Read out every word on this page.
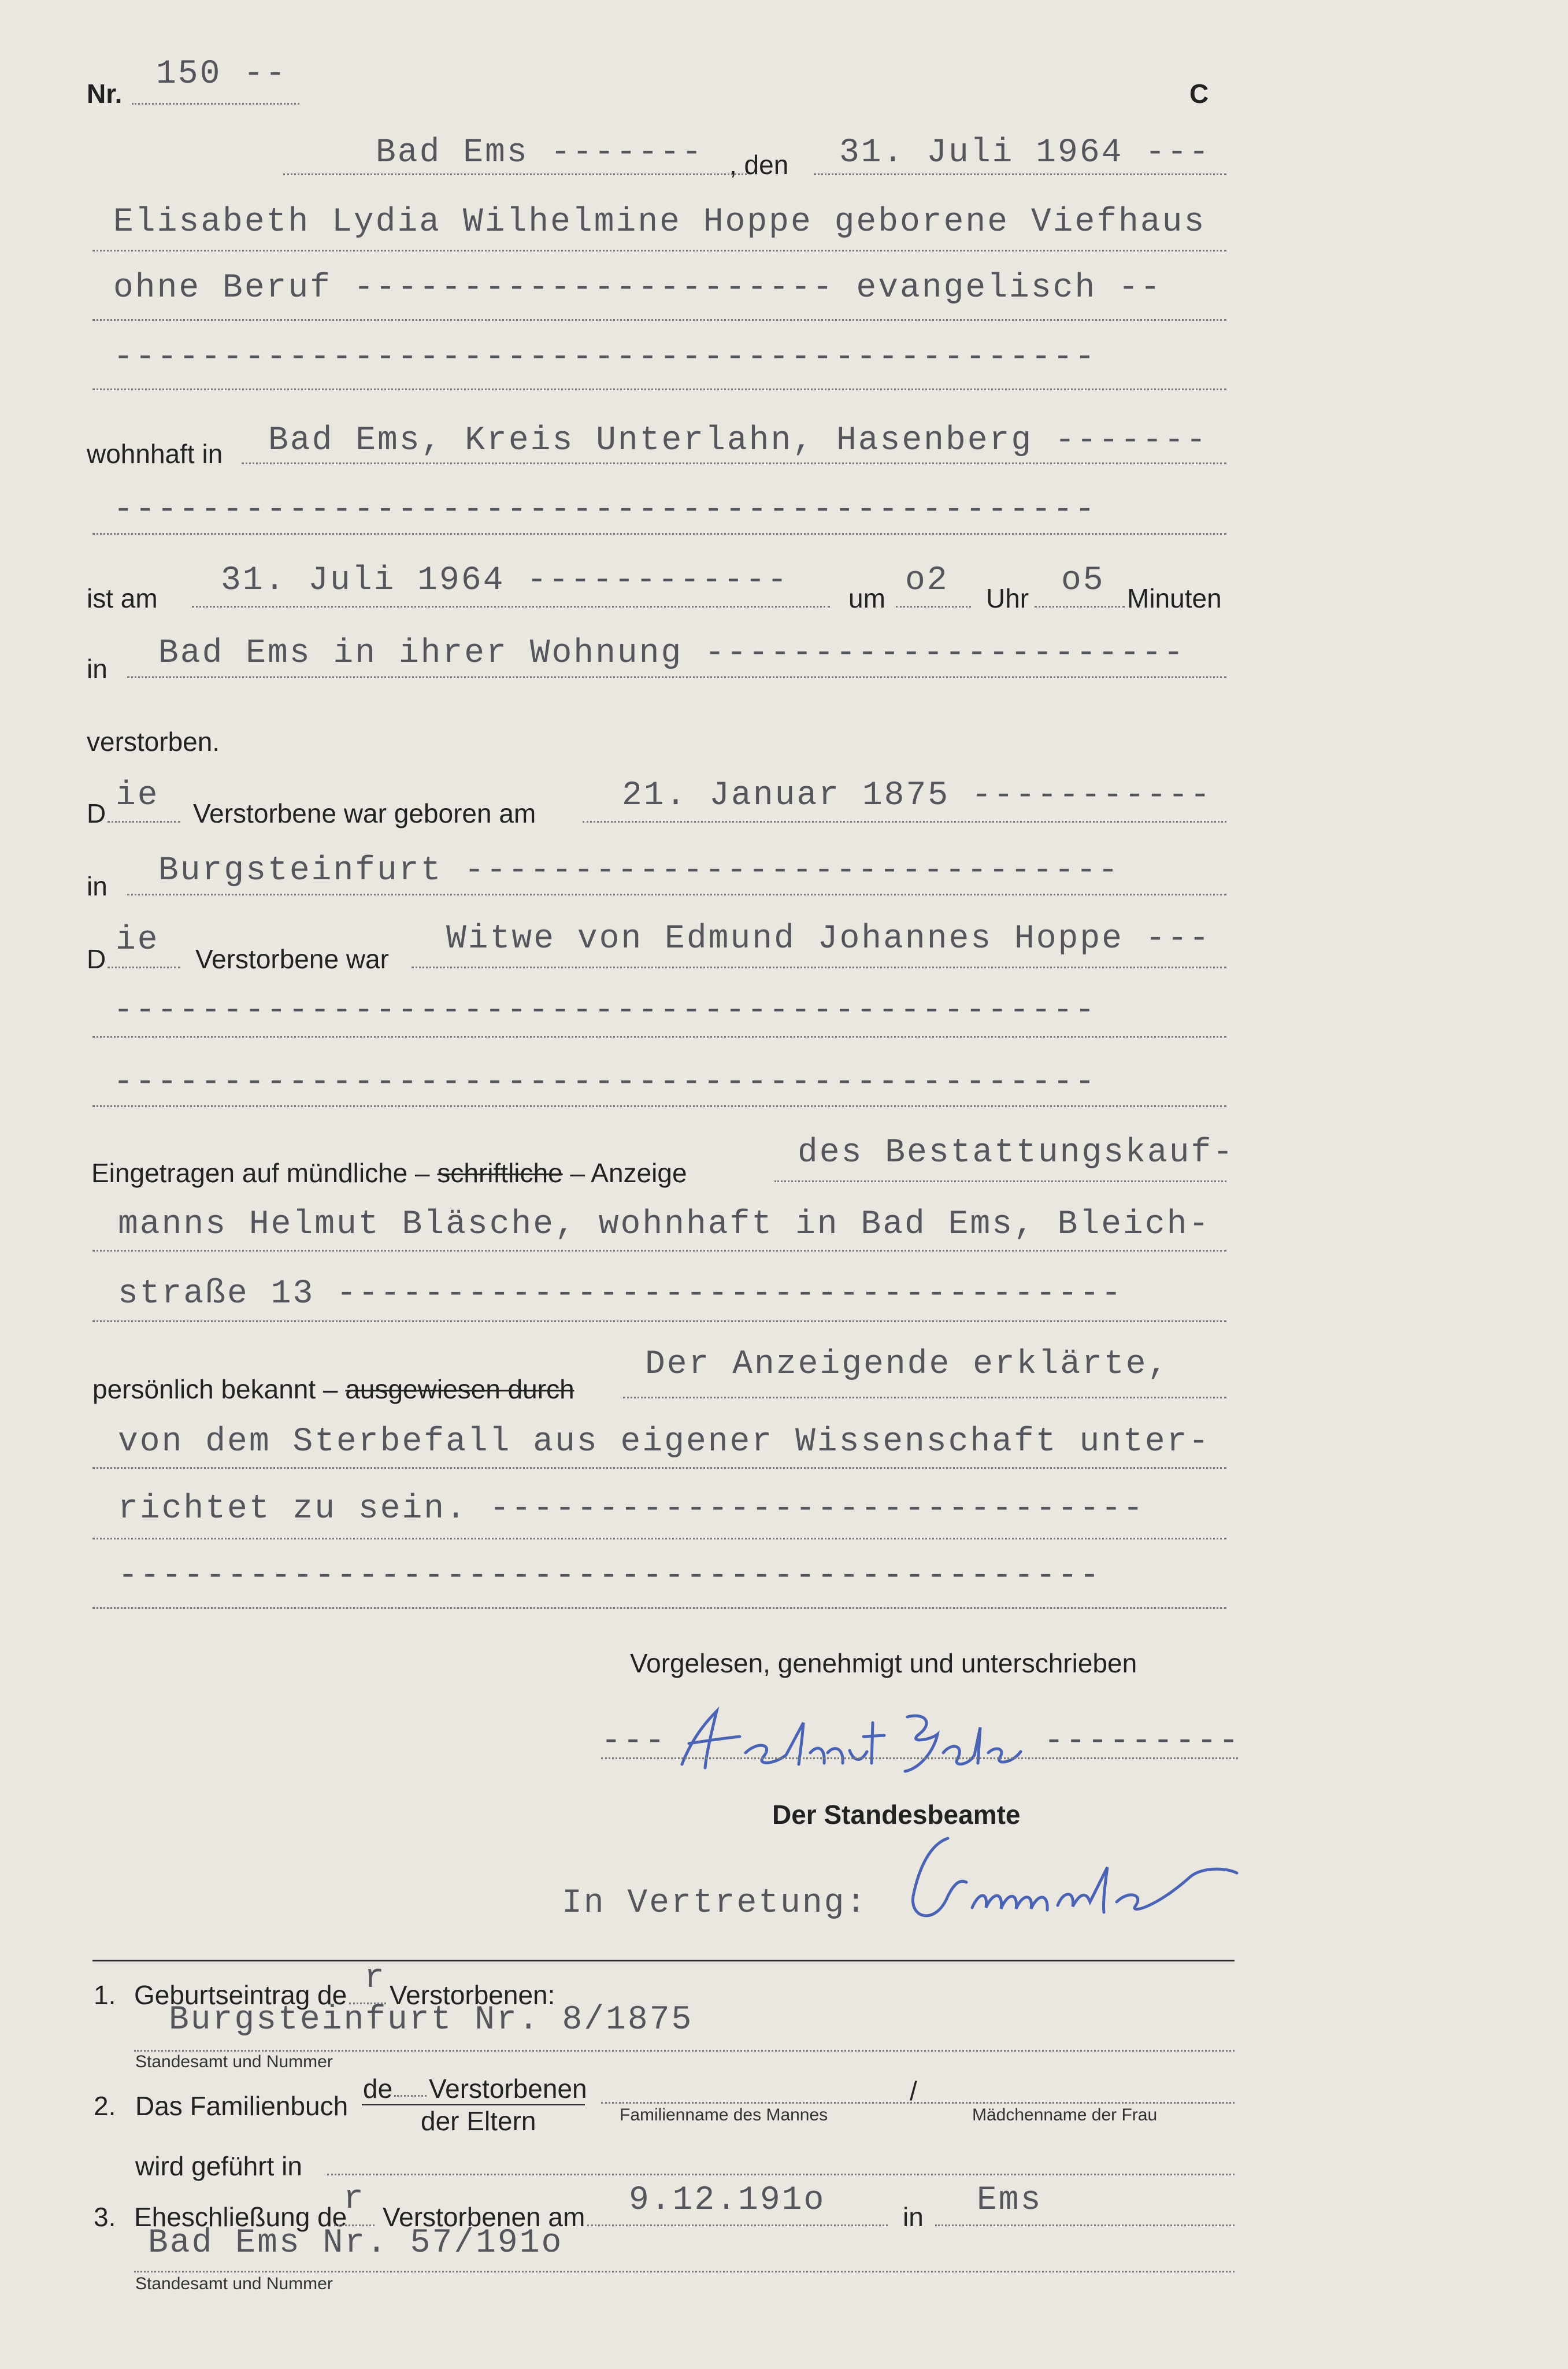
Nr.
150 --
C
Bad Ems ------- , den 31. Juli 1964 ---
Elisabeth Lydia Wilhelmine Hoppe geborene Viefhaus
ohne Beruf ---------------------- evangelisch --
---------------------------------------------
wohnhaft in Bad Ems, Kreis Unterlahn, Hasenberg -------
---------------------------------------------
ist am 31. Juli 1964 ------------ um o2 Uhr o5 Minuten
in Bad Ems in ihrer Wohnung ----------------------
verstorben.
D ie Verstorbene war geboren am	21. Januar 1875 -----------
in Burgsteinfurt ------------------------------
D ie Verstorbene war
Witwe von Edmund Johannes Hoppe ---
---------------------------------------------
---------------------------------------------
Eingetragen auf mündliche – schriftliche – Anzeige
des Bestattungskauf-
manns Helmut Bläsche, wohnhaft in Bad Ems, Bleich-
straße 13 ------------------------------------
persönlich bekannt – ausgewiesen durch
Der Anzeigende erklärte,
von dem Sterbefall aus eigener Wissenschaft unter-
richtet zu sein. ------------------------------
---------------------------------------------
Vorgelesen, genehmigt und unterschrieben
---	---------
Der Standesbeamte
In Vertretung:
1. Geburtseintrag de r Verstorbenen:
Burgsteinfurt Nr. 8/1875
Standesamt und Nummer
2. Das Familienbuch
de Verstorbenen
der Eltern
/
Familienname des Mannes	Mädchenname der Frau
wird geführt in
3. Eheschließung de
r Verstorbenen am 9.12.191o	in Ems
Bad Ems Nr. 57/191o
Standesamt und Nummer
